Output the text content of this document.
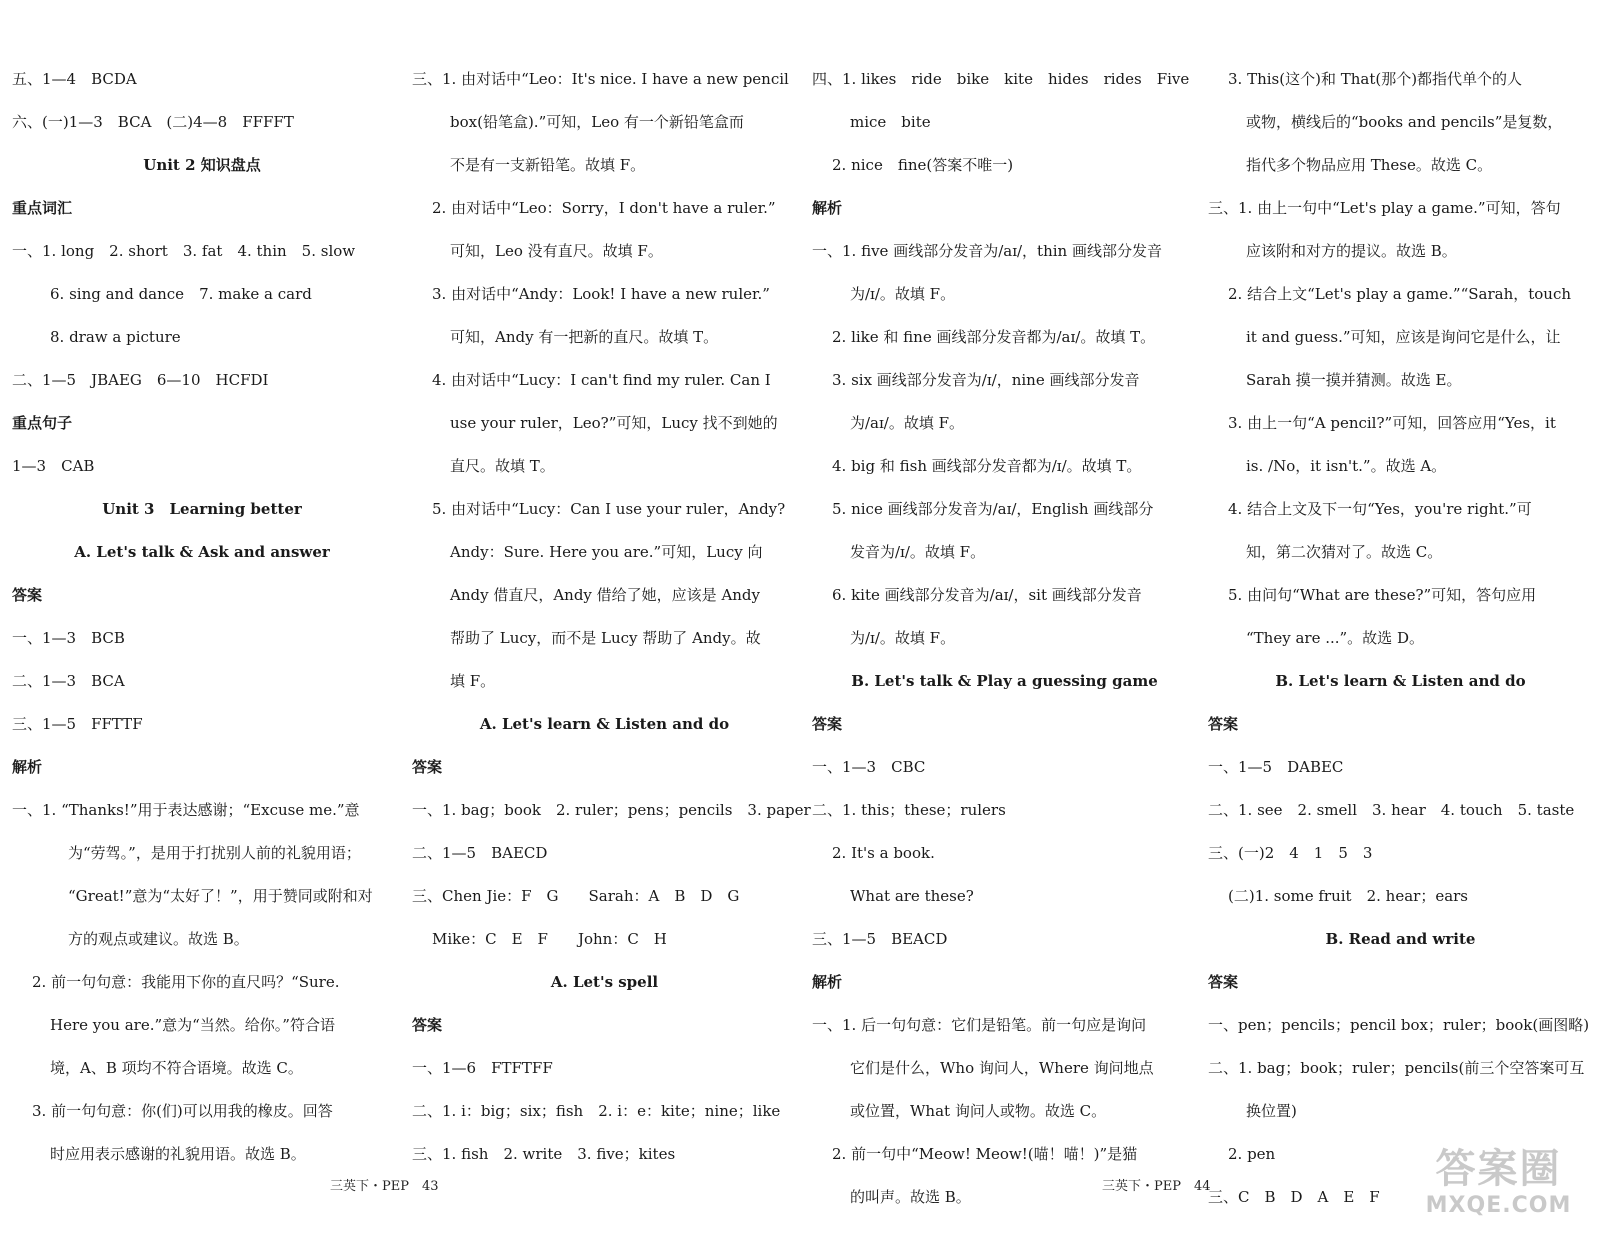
五、1—4　BCDA
六、(一)1—3　BCA　(二)4—8　FFFFT
Unit 2 知识盘点
重点词汇
一、1. long　2. short　3. fat　4. thin　5. slow
6. sing and dance　7. make a card
8. draw a picture
二、1—5　JBAEG　6—10　HCFDI
重点句子
1—3　CAB
Unit 3　Learning better
A. Let's talk & Ask and answer
答案
一、1—3　BCB
二、1—3　BCA
三、1—5　FFTTF
解析
一、1. “Thanks!”用于表达感谢；“Excuse me.”意
为“劳驾。”，是用于打扰别人前的礼貌用语；
“Great!”意为“太好了！”，用于赞同或附和对
方的观点或建议。故选 B。
2. 前一句句意：我能用下你的直尺吗？“Sure.
Here you are.”意为“当然。给你。”符合语
境，A、B 项均不符合语境。故选 C。
3. 前一句句意：你(们)可以用我的橡皮。回答
时应用表示感谢的礼貌用语。故选 B。
三、1. 由对话中“Leo：It's nice. I have a new pencil
box(铅笔盒).”可知，Leo 有一个新铅笔盒而
不是有一支新铅笔。故填 F。
2. 由对话中“Leo：Sorry，I don't have a ruler.”
可知，Leo 没有直尺。故填 F。
3. 由对话中“Andy：Look! I have a new ruler.”
可知，Andy 有一把新的直尺。故填 T。
4. 由对话中“Lucy：I can't find my ruler. Can I
use your ruler，Leo?”可知，Lucy 找不到她的
直尺。故填 T。
5. 由对话中“Lucy：Can I use your ruler，Andy?
Andy：Sure. Here you are.”可知，Lucy 向
Andy 借直尺，Andy 借给了她，应该是 Andy
帮助了 Lucy，而不是 Lucy 帮助了 Andy。故
填 F。
A. Let's learn & Listen and do
答案
一、1. bag；book　2. ruler；pens；pencils　3. paper
二、1—5　BAECD
三、Chen Jie：F　G　　Sarah：A　B　D　G
Mike：C　E　F　　John：C　H
A. Let's spell
答案
一、1—6　FTFTFF
二、1. i：big；six；fish　2. i：e：kite；nine；like
三、1. fish　2. write　3. five；kites
四、1. likes　ride　bike　kite　hides　rides　Five
mice　bite
2. nice　fine(答案不唯一)
解析
一、1. five 画线部分发音为/aɪ/，thin 画线部分发音
为/ɪ/。故填 F。
2. like 和 fine 画线部分发音都为/aɪ/。故填 T。
3. six 画线部分发音为/ɪ/，nine 画线部分发音
为/aɪ/。故填 F。
4. big 和 fish 画线部分发音都为/ɪ/。故填 T。
5. nice 画线部分发音为/aɪ/，English 画线部分
发音为/ɪ/。故填 F。
6. kite 画线部分发音为/aɪ/，sit 画线部分发音
为/ɪ/。故填 F。
B. Let's talk & Play a guessing game
答案
一、1—3　CBC
二、1. this；these；rulers
2. It's a book.
What are these?
三、1—5　BEACD
解析
一、1. 后一句句意：它们是铅笔。前一句应是询问
它们是什么，Who 询问人，Where 询问地点
或位置，What 询问人或物。故选 C。
2. 前一句中“Meow! Meow!(喵！喵！)”是猫
的叫声。故选 B。
3. This(这个)和 That(那个)都指代单个的人
或物，横线后的“books and pencils”是复数，
指代多个物品应用 These。故选 C。
三、1. 由上一句中“Let's play a game.”可知，答句
应该附和对方的提议。故选 B。
2. 结合上文“Let's play a game.”“Sarah，touch
it and guess.”可知，应该是询问它是什么，让
Sarah 摸一摸并猜测。故选 E。
3. 由上一句“A pencil?”可知，回答应用“Yes，it
is. /No，it isn't.”。故选 A。
4. 结合上文及下一句“Yes，you're right.”可
知，第二次猜对了。故选 C。
5. 由问句“What are these?”可知，答句应用
“They are ...”。故选 D。
B. Let's learn & Listen and do
答案
一、1—5　DABEC
二、1. see　2. smell　3. hear　4. touch　5. taste
三、(一)2　4　1　5　3
(二)1. some fruit　2. hear；ears
B. Read and write
答案
一、pen；pencils；pencil box；ruler；book(画图略)
二、1. bag；book；ruler；pencils(前三个空答案可互
换位置)
2. pen
三、C　B　D　A　E　F
三英下・PEP　43	三英下・PEP　44	答案圈
MXQE.COM
